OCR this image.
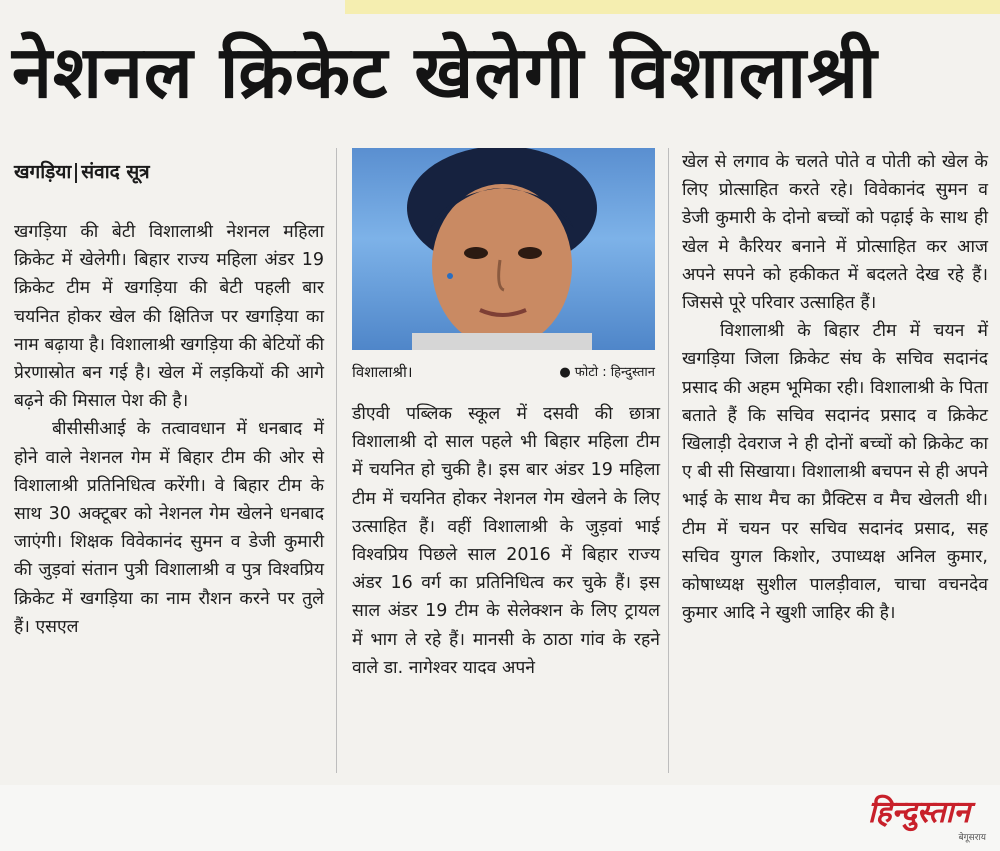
नेशनल क्रिकेट खेलेगी विशालाश्री
खगड़िया संवाद सूत्र

खगड़िया की बेटी विशालाश्री नेशनल महिला क्रिकेट में खेलेगी। बिहार राज्य महिला अंडर 19 क्रिकेट टीम में खगड़िया की बेटी पहली बार चयनित होकर खेल की क्षितिज पर खगड़िया का नाम बढ़ाया है। विशालाश्री खगड़िया की बेटियों की प्रेरणास्रोत बन गई है। खेल में लड़कियों की आगे बढ़ने की मिसाल पेश की है।

बीसीसीआई के तत्वावधान में धनबाद में होने वाले नेशनल गेम में बिहार टीम की ओर से विशालाश्री प्रतिनिधित्व करेंगी। वे बिहार टीम के साथ 30 अक्टूबर को नेशनल गेम खेलने धनबाद जाएंगी। शिक्षक विवेकानंद सुमन व डेजी कुमारी की जुड़वां संतान पुत्री विशालाश्री व पुत्र विश्वप्रिय क्रिकेट में खगड़िया का नाम रौशन करने पर तुले हैं। एसएल

विशालाश्री।	● फोटो : हिन्दुस्तान

डीएवी पब्लिक स्कूल में दसवी की छात्रा विशालाश्री दो साल पहले भी बिहार महिला टीम में चयनित हो चुकी है। इस बार अंडर 19 महिला टीम में चयनित होकर नेशनल गेम खेलने के लिए उत्साहित हैं। वहीं विशालाश्री के जुड़वां भाई विश्वप्रिय पिछले साल 2016 में बिहार राज्य अंडर 16 वर्ग का प्रतिनिधित्व कर चुके हैं। इस साल अंडर 19 टीम के सेलेक्शन के लिए ट्रायल में भाग ले रहे हैं। मानसी के ठाठा गांव के रहने वाले डा. नागेश्वर यादव अपने

खेल से लगाव के चलते पोते व पोती को खेल के लिए प्रोत्साहित करते रहे। विवेकानंद सुमन व डेजी कुमारी के दोनो बच्चों को पढ़ाई के साथ ही खेल मे कैरियर बनाने में प्रोत्साहित कर आज अपने सपने को हकीकत में बदलते देख रहे हैं। जिससे पूरे परिवार उत्साहित हैं।

विशालाश्री के बिहार टीम में चयन में खगड़िया जिला क्रिकेट संघ के सचिव सदानंद प्रसाद की अहम भूमिका रही। विशालाश्री के पिता बताते हैं कि सचिव सदानंद प्रसाद व क्रिकेट खिलाड़ी देवराज ने ही दोनों बच्चों को क्रिकेट का ए बी सी सिखाया। विशालाश्री बचपन से ही अपने भाई के साथ मैच का प्रैक्टिस व मैच खेलती थी। टीम में चयन पर सचिव सदानंद प्रसाद, सह सचिव युगल किशोर, उपाध्यक्ष अनिल कुमार, कोषाध्यक्ष सुशील पालड़ीवाल, चाचा वचनदेव कुमार आदि ने खुशी जाहिर की है।

हिन्दुस्तान
बेगूसराय
